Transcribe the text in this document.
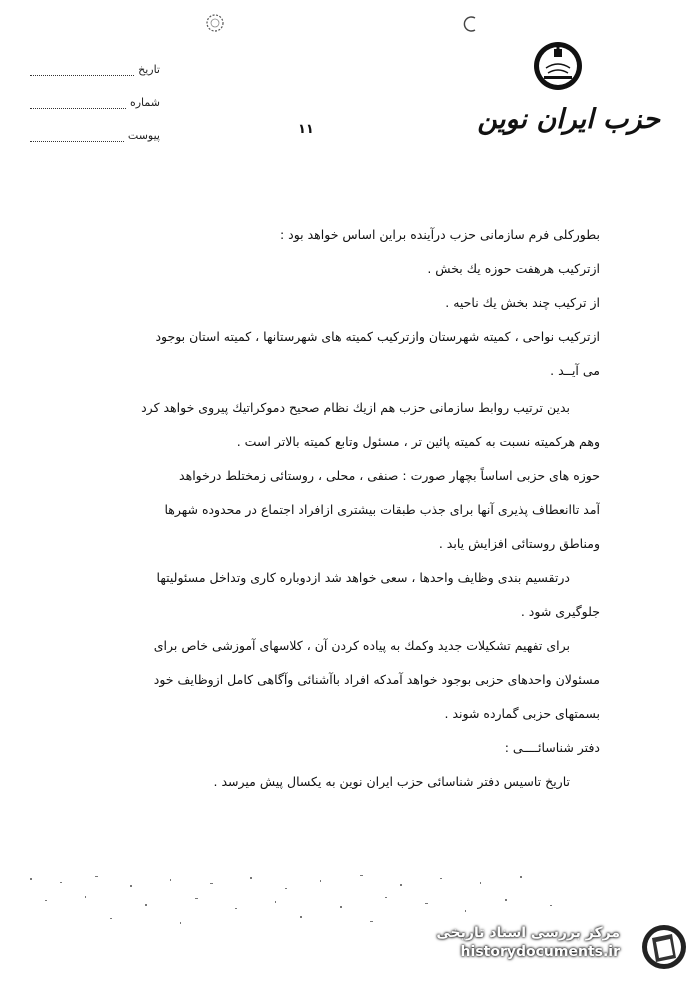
تاریخ
شماره
پیوست	۱۱	حزب ایران نوین
بطورکلی فرم سازمانی حزب درآینده براین اساس خواهد بود :
ازترکیب هرهفت حوزه یك بخش .
از ترکیب چند بخش یك ناحیه .
ازترکیب نواحی ، کمیته شهرستان وازترکیب کمیته های شهرستانها ، کمیته استان بوجود
می آیــد .
بدین ترتیب روابط سازمانی حزب هم ازیك نظام صحیح دموکراتیك پیروی خواهد کرد
وهم هرکمیته نسبت به کمیته پائین تر ، مسئول وتابع کمیته بالاتر است .
حوزه های حزبی اساساً بچهار صورت : صنفی ، محلی ، روستائی زمختلط درخواهد
آمد تاانعطاف پذیری آنها برای جذب طبقات بیشتری ازافراد اجتماع در محدوده شهرها
ومناطق روستائی افزایش یابد .
درتقسیم بندی وظایف واحدها ، سعی خواهد شد ازدوباره کاری وتداخل مسئولیتها
جلوگیری شود .
برای تفهیم تشکیلات جدید وکمك به پیاده کردن آن ، کلاسهای آموزشی خاص برای
مسئولان واحدهای حزبی بوجود خواهد آمدکه افراد باآشنائی وآگاهی کامل ازوظایف خود
بسمتهای حزبی گمارده شوند .
دفتر شناسائــــی :
تاریخ تاسیس دفتر شناسائی حزب ایران نوین به یکسال پیش میرسد .
مرکز بررسی اسناد تاریخی
historydocuments.ir
